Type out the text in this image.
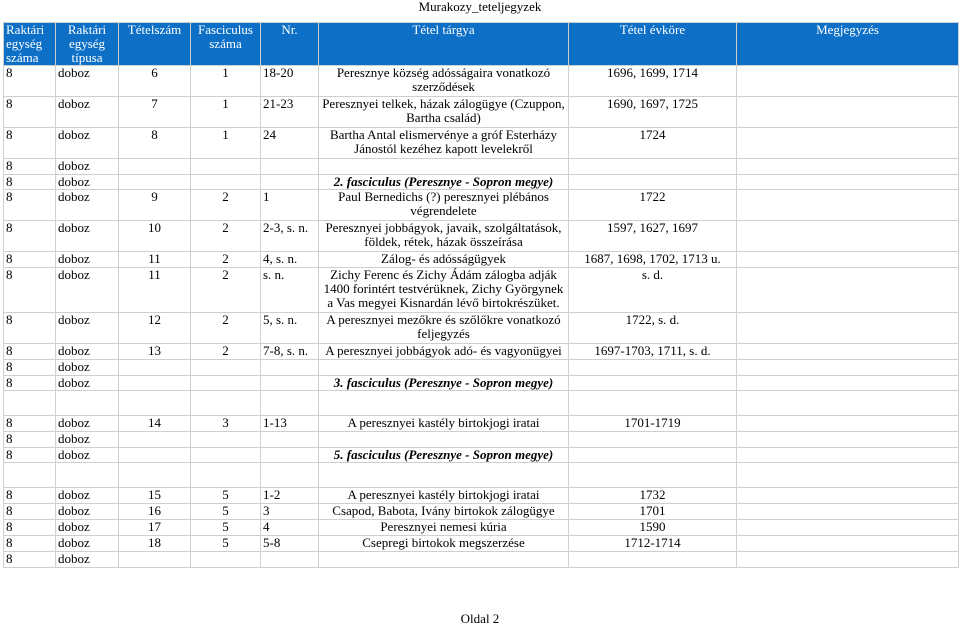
Murakozy_teteljegyzek
Raktári egység száma	Raktári egység típusa	Tételszám	Fasciculus száma	Nr.	Tétel tárgya	Tétel évköre	Megjegyzés
8	doboz	6	1	18-20	Peresznye község adósságaira vonatkozó szerződések	1696, 1699, 1714	
8	doboz	7	1	21-23	Peresznyei telkek, házak zálogügye (Czuppon, Bartha család)	1690, 1697, 1725	
8	doboz	8	1	24	Bartha Antal elismervénye a gróf Esterházy Jánostól kezéhez kapott levelekről	1724	
8	doboz						
8	doboz				2. fasciculus (Peresznye - Sopron megye)		
8	doboz	9	2	1	Paul Bernedichs (?) peresznyei plébános végrendelete	1722	
8	doboz	10	2	2-3, s. n.	Peresznyei jobbágyok, javaik, szolgáltatások, földek, rétek, házak összeírása	1597, 1627, 1697	
8	doboz	11	2	4, s. n.	Zálog- és adósságügyek	1687, 1698, 1702, 1713 u.	
8	doboz	11	2	s. n.	Zichy Ferenc és Zichy Ádám zálogba adják 1400 forintért testvérüknek, Zichy Györgynek a Vas megyei Kisnardán lévő birtokrészüket.	s. d.	
8	doboz	12	2	5, s. n.	A peresznyei mezőkre és szőlőkre vonatkozó feljegyzés	1722, s. d.	
8	doboz	13	2	7-8, s. n.	A peresznyei jobbágyok adó- és vagyonügyei	1697-1703, 1711, s. d.	
8	doboz						
8	doboz				3. fasciculus (Peresznye - Sopron megye)		

8	doboz	14	3	1-13	A peresznyei kastély birtokjogi iratai	1701-1719	
8	doboz						
8	doboz				5. fasciculus (Peresznye - Sopron megye)		

8	doboz	15	5	1-2	A peresznyei kastély birtokjogi iratai	1732	
8	doboz	16	5	3	Csapod, Babota, Ivány birtokok zálogügye	1701	
8	doboz	17	5	4	Peresznyei nemesi kúria	1590	
8	doboz	18	5	5-8	Csepregi birtokok megszerzése	1712-1714	
8	doboz						
Oldal 2
